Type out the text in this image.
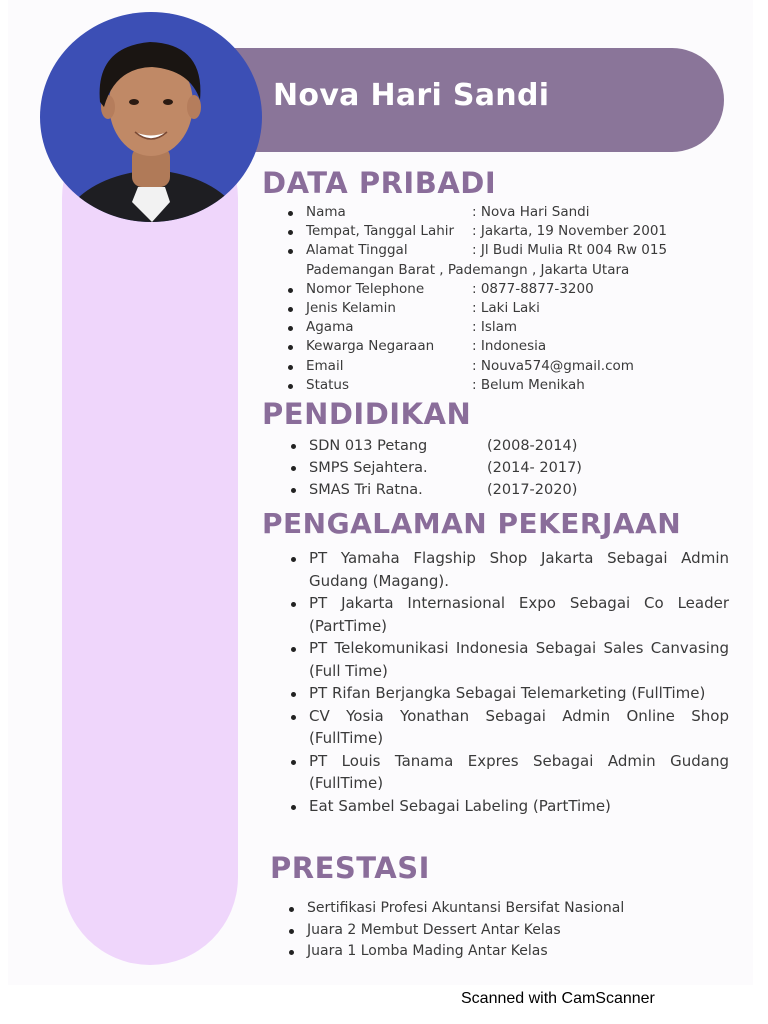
Nova Hari Sandi
DATA PRIBADI
Nama	: Nova Hari Sandi
Tempat, Tanggal Lahir : Jakarta, 19 November 2001
Alamat Tinggal	: Jl Budi Mulia Rt 004 Rw 015
Pademangan Barat , Pademangn , Jakarta Utara
Nomor Telephone	: 0877-8877-3200
Jenis Kelamin	: Laki Laki
Agama	: Islam
Kewarga Negaraan	: Indonesia
Email	: Nouva574@gmail.com
Status	: Belum Menikah
PENDIDIKAN
SDN 013 Petang	(2008-2014)
SMPS Sejahtera.	(2014- 2017)
SMAS Tri Ratna.	(2017-2020)
PENGALAMAN PEKERJAAN
PT Yamaha Flagship Shop Jakarta Sebagai Admin Gudang (Magang).
PT Jakarta Internasional Expo Sebagai Co Leader (PartTime)
PT Telekomunikasi Indonesia Sebagai Sales Canvasing (Full Time)
PT Rifan Berjangka Sebagai Telemarketing (FullTime)
CV Yosia Yonathan Sebagai Admin Online Shop (FullTime)
PT Louis Tanama Expres Sebagai Admin Gudang (FullTime)
Eat Sambel Sebagai Labeling (PartTime)
PRESTASI
Sertifikasi Profesi Akuntansi Bersifat Nasional
Juara 2 Membut Dessert Antar Kelas
Juara 1 Lomba Mading Antar Kelas
Scanned with CamScanner
